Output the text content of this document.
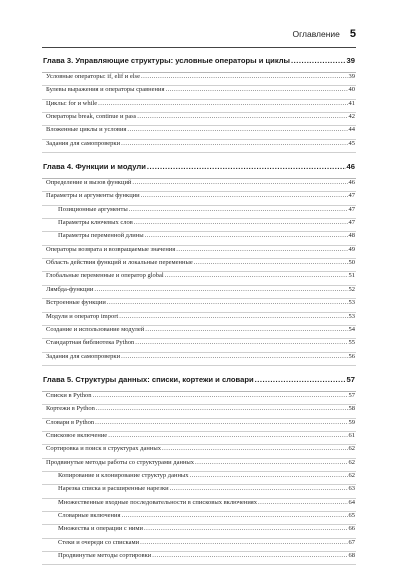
Оглавление 5
Глава 3. Управляющие структуры: условные операторы и циклы .....	39
Условные операторы: if, elif и else .....	39
Булевы выражения и операторы сравнения .....	40
Циклы: for и while .....	41
Операторы break, continue и pass .....	42
Вложенные циклы и условия .....	44
Задания для самопроверки .....	45
Глава 4. Функции и модули .....	46
Определение и вызов функций .....	46
Параметры и аргументы функции .....	47
Позиционные аргументы .....	47
Параметры ключевых слов .....	47
Параметры переменной длины .....	48
Операторы возврата и возвращаемые значения .....	49
Область действия функций и локальные переменные .....	50
Глобальные переменные и оператор global .....	51
Лямбда-функции .....	52
Встроенные функции .....	53
Модули и оператор import .....	53
Создание и использование модулей .....	54
Стандартная библиотека Python .....	55
Задания для самопроверки .....	56
Глава 5. Структуры данных: списки, кортежи и словари .....	57
Списки в Python .....	57
Кортежи в Python .....	58
Словари в Python .....	59
Списковое включение .....	61
Сортировка и поиск в структурах данных .....	62
Продвинутые методы работы со структурами данных .....	62
Копирование и клонирование структур данных .....	62
Нарезка списка и расширенные нарезки .....	63
Множественные входные последовательности в списковых включениях .....	64
Словарные включения .....	65
Множества и операции с ними .....	66
Стеки и очереди со списками .....	67
Продвинутые методы сортировки .....	68
